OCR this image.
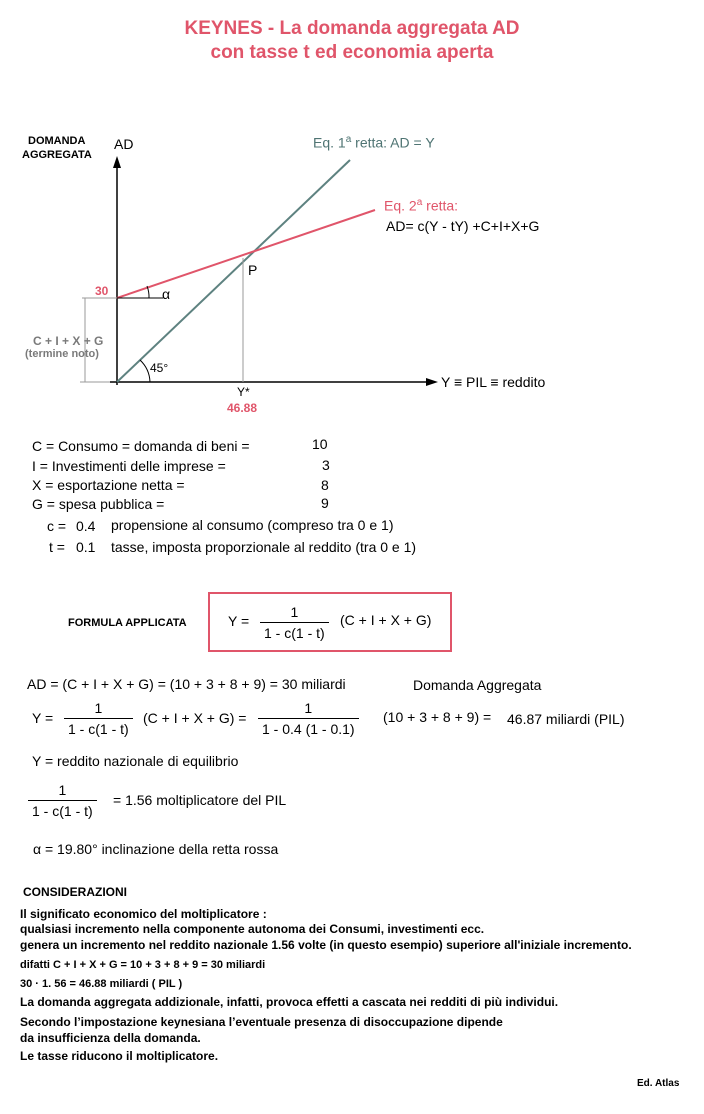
KEYNES - La domanda aggregata AD
con tasse t ed economia aperta
DOMANDA
AGGREGATA
AD	Eq. 1$^a$ retta: AD = Y
Eq. 2$^a$ retta:
AD= c(Y - tY) +C+I+X+G
30	α
P
C + I + X + G
(termine noto)
45°
Y*
46.88
Y ≡ PIL ≡ reddito
C = Consumo = domanda di beni =	10
I = Investimenti delle imprese =	3
X = esportazione netta =	8
G = spesa pubblica =	9
c = 0.4 propensione al consumo (compreso tra 0 e 1)
t = 0.1 tasse, imposta proporzionale al reddito (tra 0 e 1)
FORMULA APPLICATA	Y =
1
1 - c(1 - t)
(C + I + X + G)
AD = (C + I + X + G) = (10 + 3 + 8 + 9) = 30 miliardi	Domanda Aggregata
Y =
1
1 - c(1 - t)
(C + I + X + G) =
1
1 - 0.4 (1 - 0.1)
(10 + 3 + 8 + 9) = 46.87 miliardi (PIL)
Y = reddito nazionale di equilibrio
1
1 - c(1 - t)
= 1.56 moltiplicatore del PIL
α = 19.80° inclinazione della retta rossa
CONSIDERAZIONI
Il significato economico del moltiplicatore :
qualsiasi incremento nella componente autonoma dei Consumi, investimenti ecc.
genera un incremento nel reddito nazionale 1.56 volte (in questo esempio) superiore all'iniziale incremento.
difatti C + I + X + G = 10 + 3 + 8 + 9 = 30 miliardi
30 · 1. 56 = 46.88 miliardi ( PIL )
La domanda aggregata addizionale, infatti, provoca effetti a cascata nei redditi di più individui.
Secondo l’impostazione keynesiana l’eventuale presenza di disoccupazione dipende
da insufficienza della domanda.
Le tasse riducono il moltiplicatore.
Ed. Atlas
